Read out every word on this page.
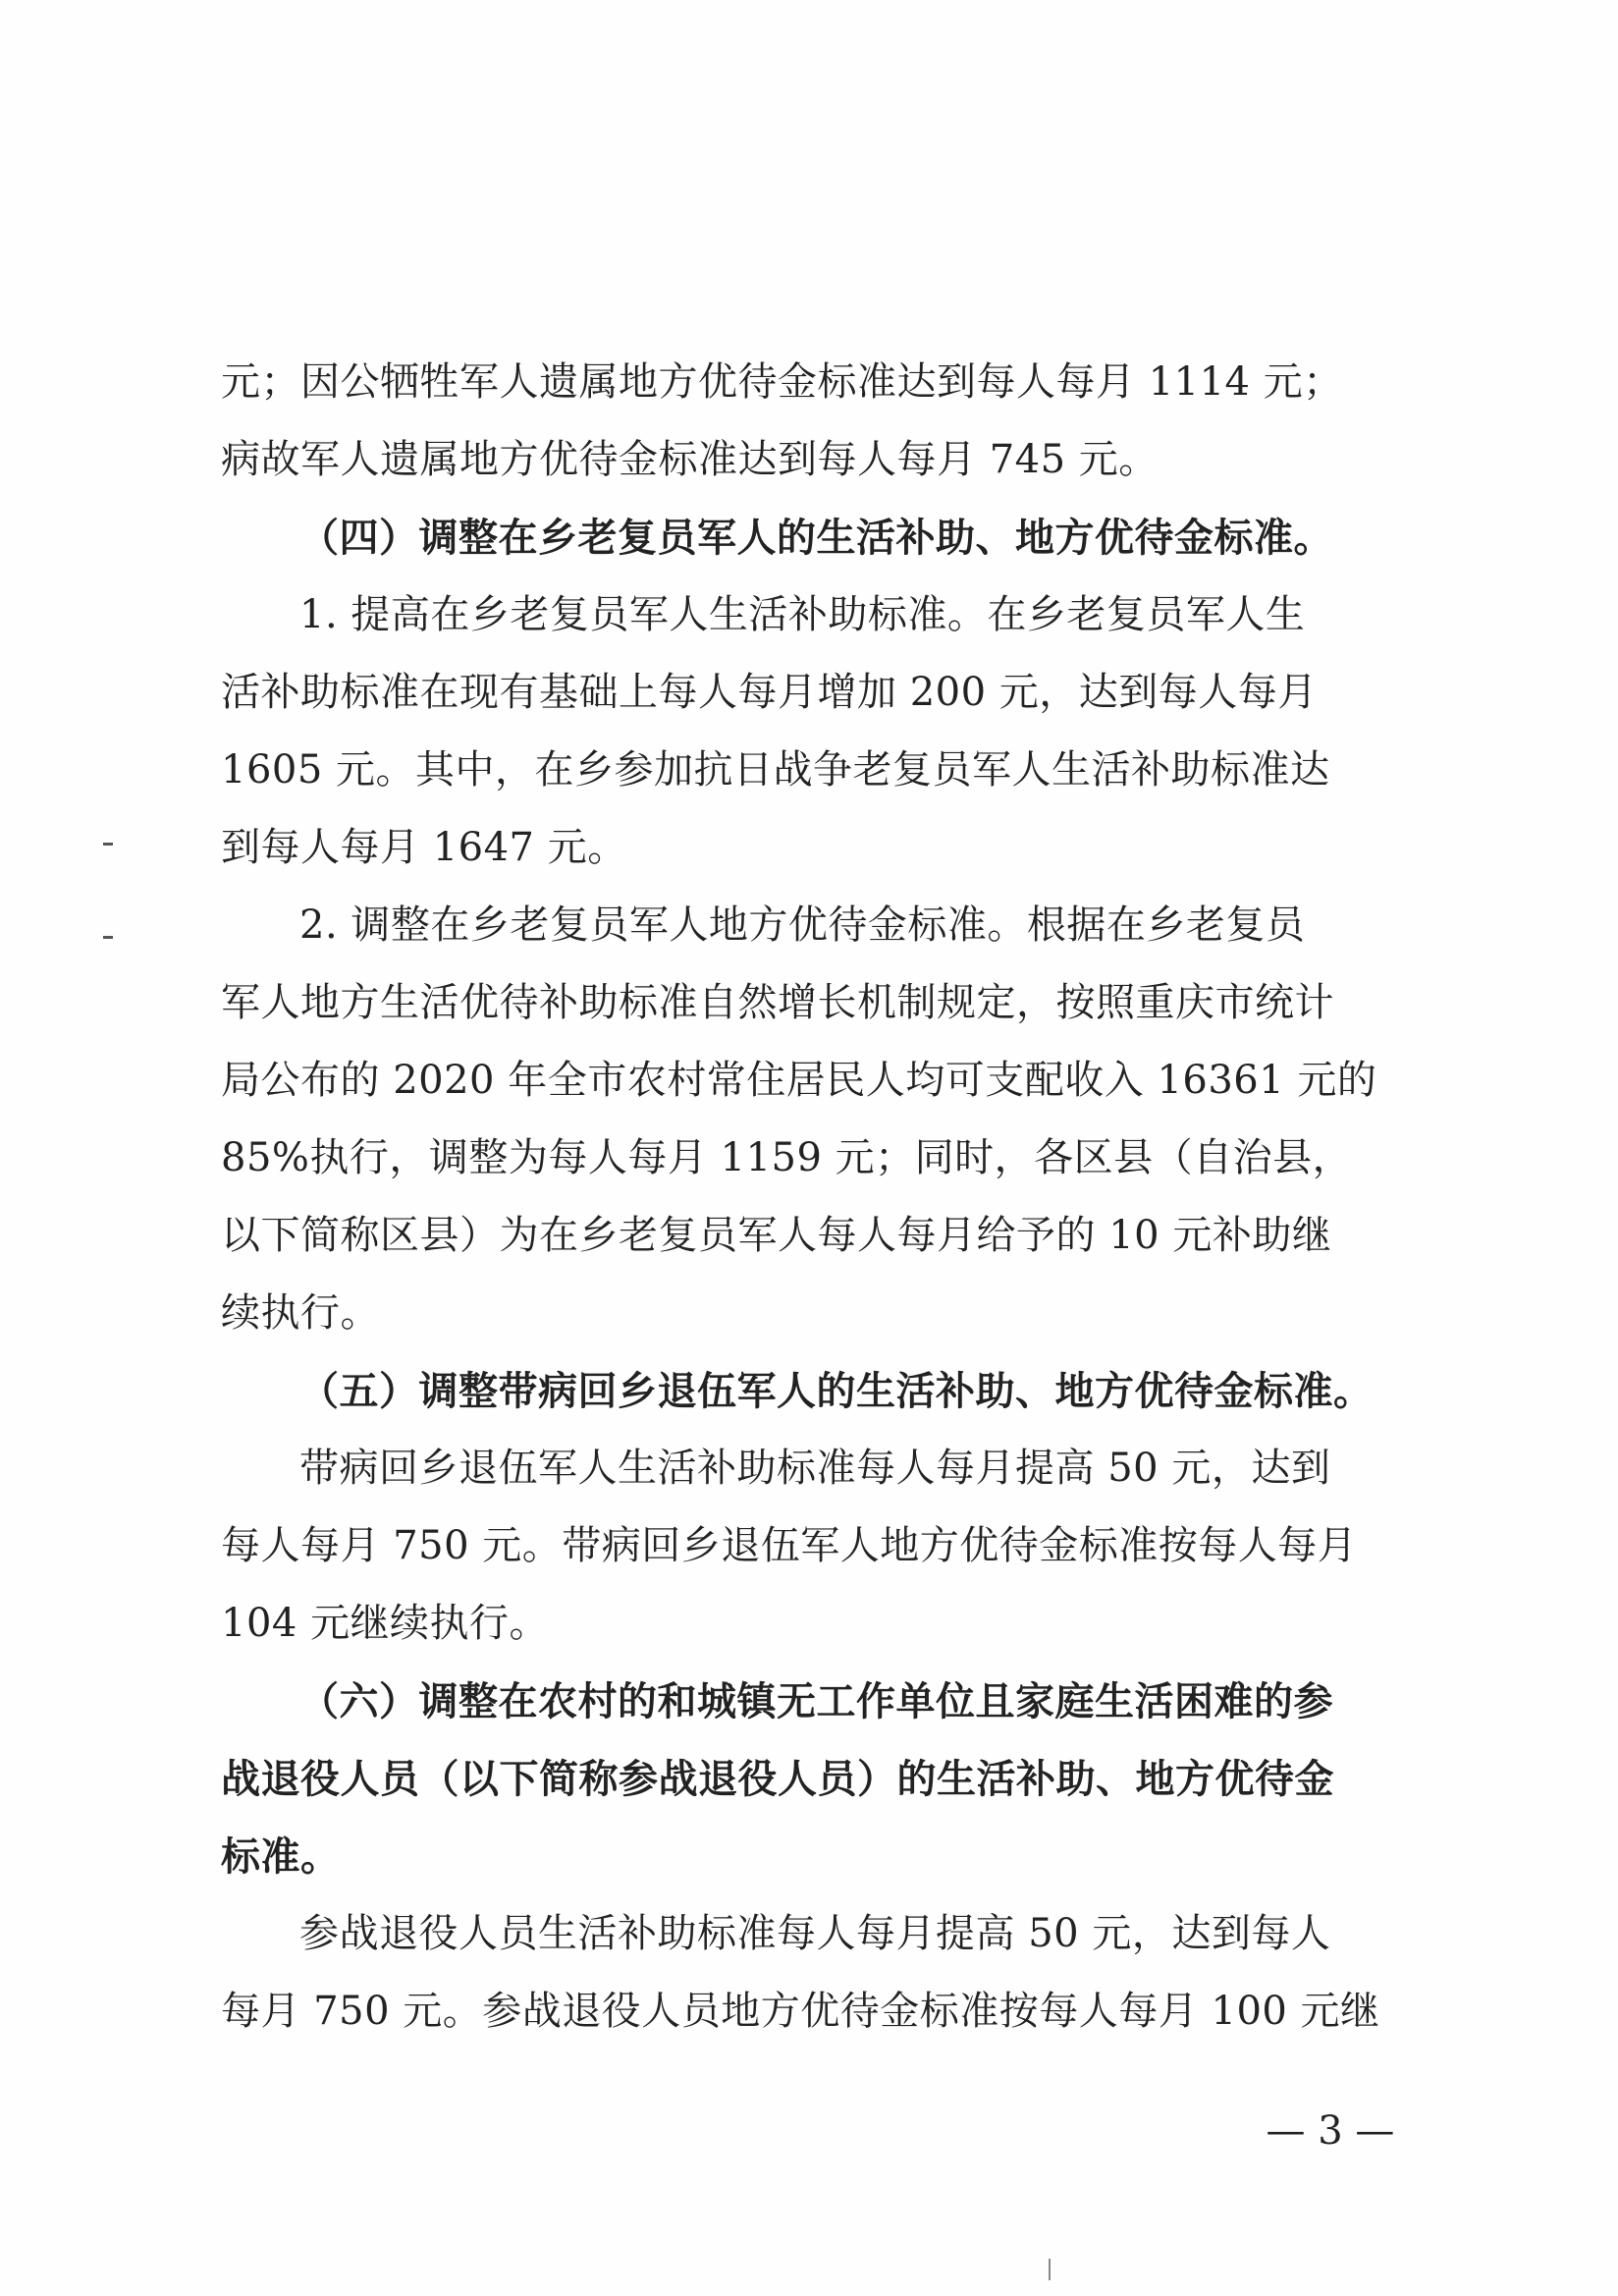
元；因公牺牲军人遗属地方优待金标准达到每人每月 1114 元；
病故军人遗属地方优待金标准达到每人每月 745 元。
（四）调整在乡老复员军人的生活补助、地方优待金标准。
1. 提高在乡老复员军人生活补助标准。在乡老复员军人生
活补助标准在现有基础上每人每月增加 200 元，达到每人每月
1605 元。其中，在乡参加抗日战争老复员军人生活补助标准达
到每人每月 1647 元。
2. 调整在乡老复员军人地方优待金标准。根据在乡老复员
军人地方生活优待补助标准自然增长机制规定，按照重庆市统计
局公布的 2020 年全市农村常住居民人均可支配收入 16361 元的
85%执行，调整为每人每月 1159 元；同时，各区县（自治县，
以下简称区县）为在乡老复员军人每人每月给予的 10 元补助继
续执行。
（五）调整带病回乡退伍军人的生活补助、地方优待金标准。
带病回乡退伍军人生活补助标准每人每月提高 50 元，达到
每人每月 750 元。带病回乡退伍军人地方优待金标准按每人每月
104 元继续执行。
（六）调整在农村的和城镇无工作单位且家庭生活困难的参
战退役人员（以下简称参战退役人员）的生活补助、地方优待金
标准。
参战退役人员生活补助标准每人每月提高 50 元，达到每人
每月 750 元。参战退役人员地方优待金标准按每人每月 100 元继
— 3 —
